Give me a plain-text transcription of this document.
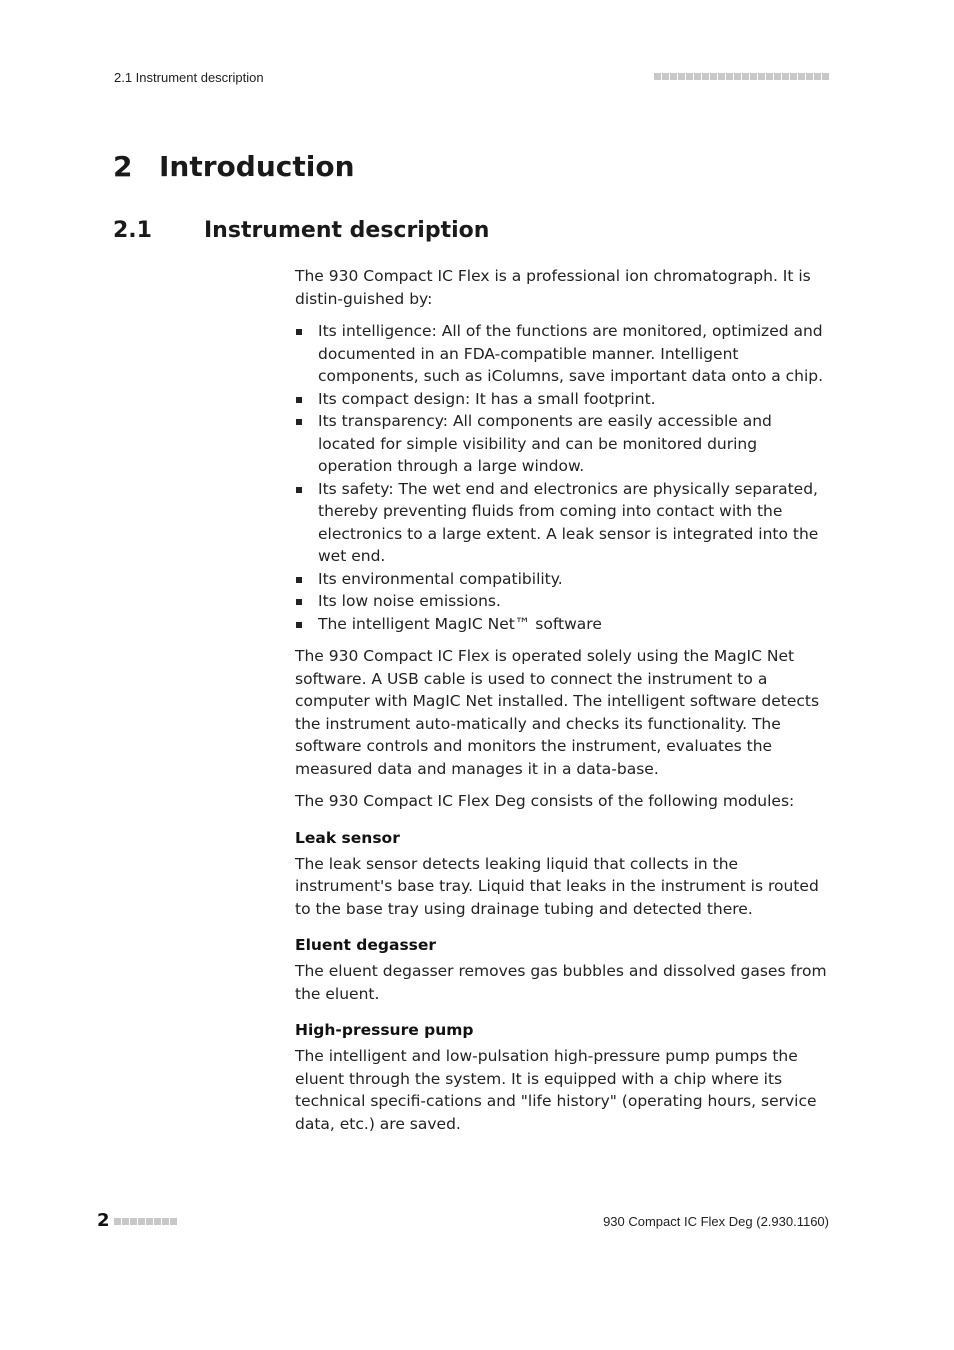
2.1 Instrument description
2 Introduction
2.1 Instrument description

The 930 Compact IC Flex is a professional ion chromatograph. It is distin-guished by:

Its intelligence: All of the functions are monitored, optimized and documented in an FDA-compatible manner. Intelligent components, such as iColumns, save important data onto a chip.
Its compact design: It has a small footprint.
Its transparency: All components are easily accessible and located for simple visibility and can be monitored during operation through a large window.
Its safety: The wet end and electronics are physically separated, thereby preventing fluids from coming into contact with the electronics to a large extent. A leak sensor is integrated into the wet end.
Its environmental compatibility.
Its low noise emissions.
The intelligent MagIC Net™ software

The 930 Compact IC Flex is operated solely using the MagIC Net software. A USB cable is used to connect the instrument to a computer with MagIC Net installed. The intelligent software detects the instrument auto-matically and checks its functionality. The software controls and monitors the instrument, evaluates the measured data and manages it in a data-base.

The 930 Compact IC Flex Deg consists of the following modules:

Leak sensor

The leak sensor detects leaking liquid that collects in the instrument's base tray. Liquid that leaks in the instrument is routed to the base tray using drainage tubing and detected there.

Eluent degasser

The eluent degasser removes gas bubbles and dissolved gases from the eluent.

High-pressure pump

The intelligent and low-pulsation high-pressure pump pumps the eluent through the system. It is equipped with a chip where its technical specifi-cations and "life history" (operating hours, service data, etc.) are saved.

2	930 Compact IC Flex Deg (2.930.1160)
